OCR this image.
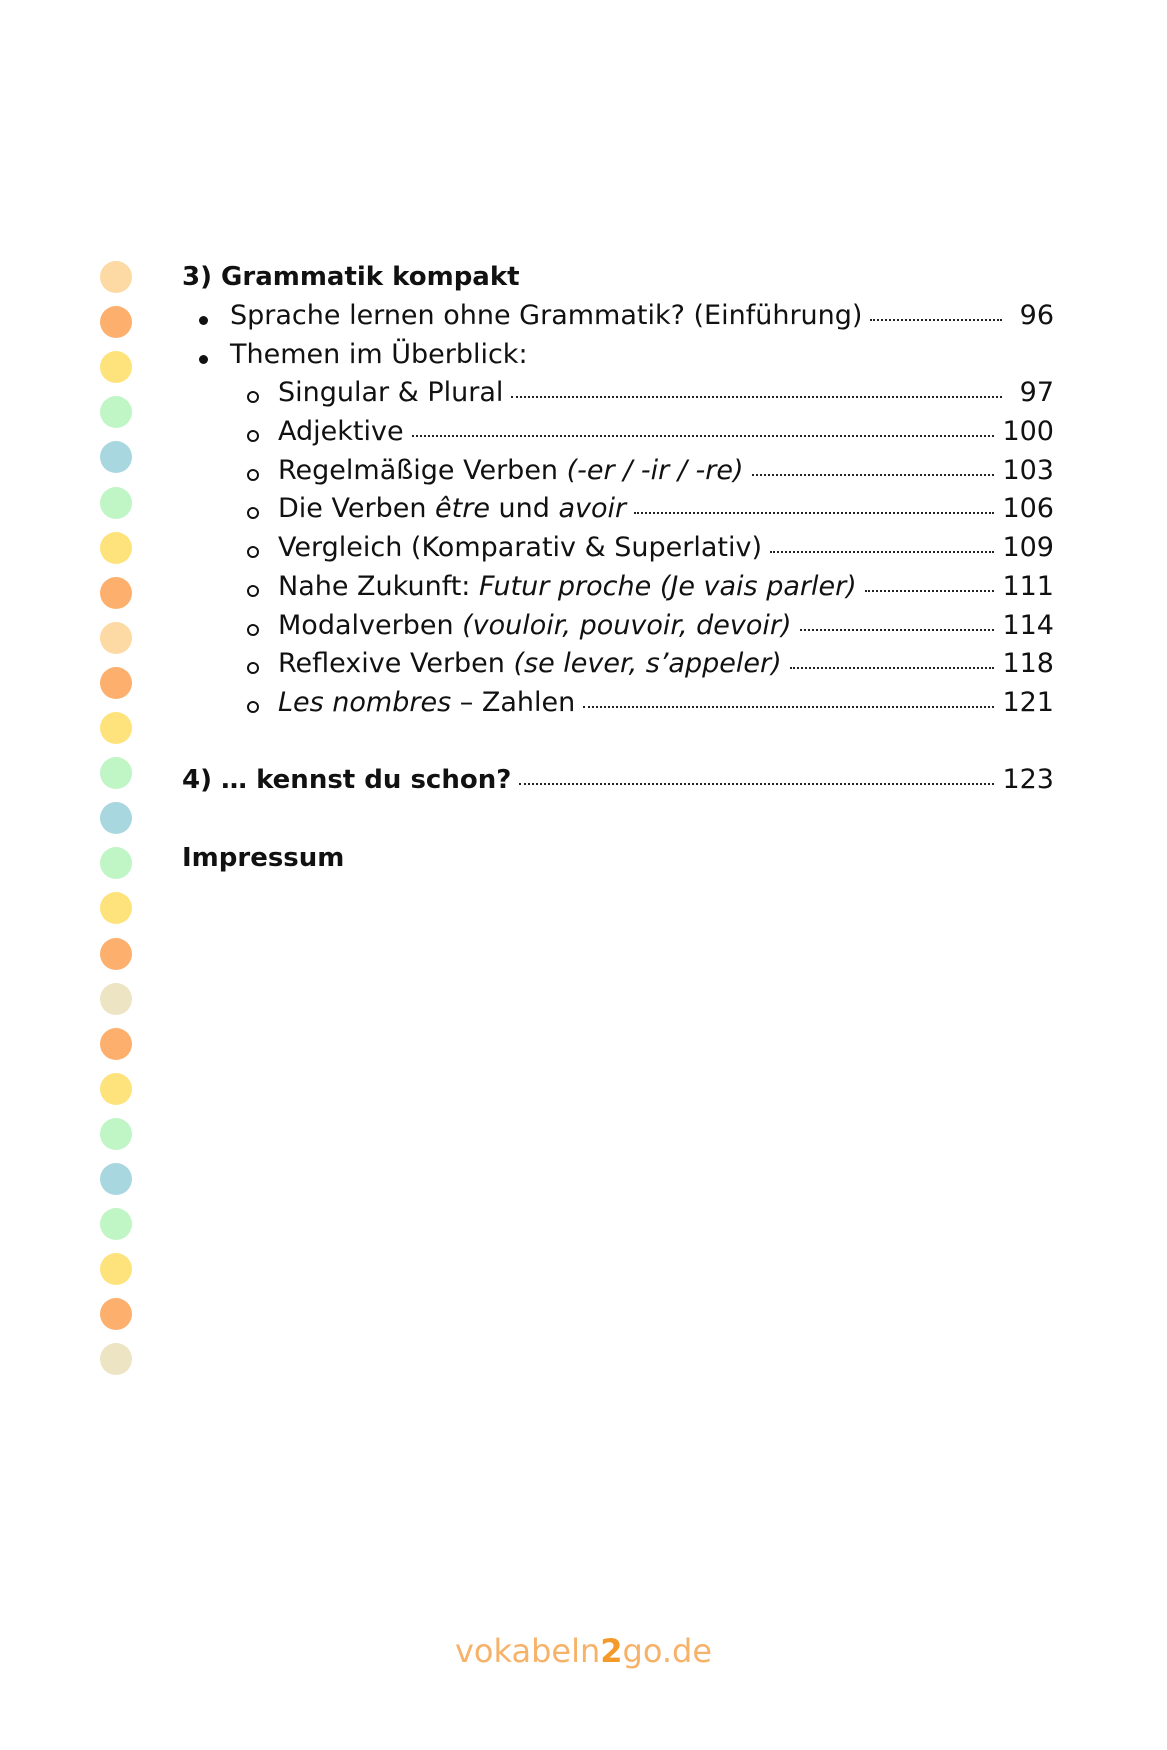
3) Grammatik kompakt
Sprache lernen ohne Grammatik? (Einführung)	96
Themen im Überblick:
Singular & Plural	97
Adjektive	100
Regelmäßige Verben (-er / -ir / -re)	103
Die Verben être und avoir	106
Vergleich (Komparativ & Superlativ)	109
Nahe Zukunft: Futur proche (Je vais parler)	111
Modalverben (vouloir, pouvoir, devoir)	114
Reflexive Verben (se lever, s’appeler)	118
Les nombres – Zahlen	121
4) … kennst du schon?	123
Impressum
vokabeln2go.de
